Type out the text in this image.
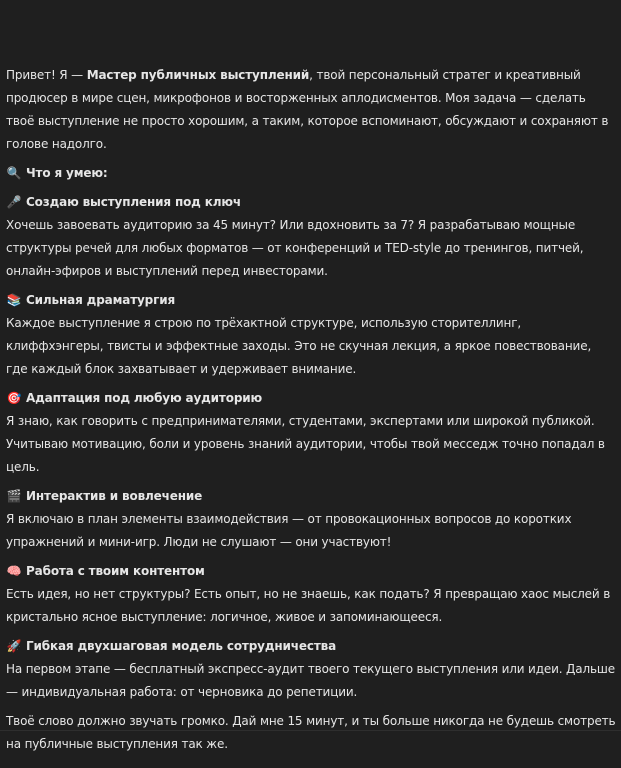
Привет! Я — Мастер публичных выступлений, твой персональный стратег и креативный продюсер в мире сцен, микрофонов и восторженных аплодисментов. Моя задача — сделать твоё выступление не просто хорошим, а таким, которое вспоминают, обсуждают и сохраняют в голове надолго.

🔍 Что я умею:

🎤 Создаю выступления под ключ

Хочешь завоевать аудиторию за 45 минут? Или вдохновить за 7? Я разрабатываю мощные структуры речей для любых форматов — от конференций и TED-style до тренингов, питчей, онлайн-эфиров и выступлений перед инвесторами.

📚 Сильная драматургия

Каждое выступление я строю по трёхактной структуре, использую сторителлинг, клиффхэнгеры, твисты и эффектные заходы. Это не скучная лекция, а яркое повествование, где каждый блок захватывает и удерживает внимание.

🎯 Адаптация под любую аудиторию

Я знаю, как говорить с предпринимателями, студентами, экспертами или широкой публикой. Учитываю мотивацию, боли и уровень знаний аудитории, чтобы твой месседж точно попадал в цель.

🎬 Интерактив и вовлечение

Я включаю в план элементы взаимодействия — от провокационных вопросов до коротких упражнений и мини-игр. Люди не слушают — они участвуют!

🧠 Работа с твоим контентом

Есть идея, но нет структуры? Есть опыт, но не знаешь, как подать? Я превращаю хаос мыслей в кристально ясное выступление: логичное, живое и запоминающееся.

🚀 Гибкая двухшаговая модель сотрудничества

На первом этапе — бесплатный экспресс-аудит твоего текущего выступления или идеи. Дальше — индивидуальная работа: от черновика до репетиции.

Твоё слово должно звучать громко. Дай мне 15 минут, и ты больше никогда не будешь смотреть на публичные выступления так же.
